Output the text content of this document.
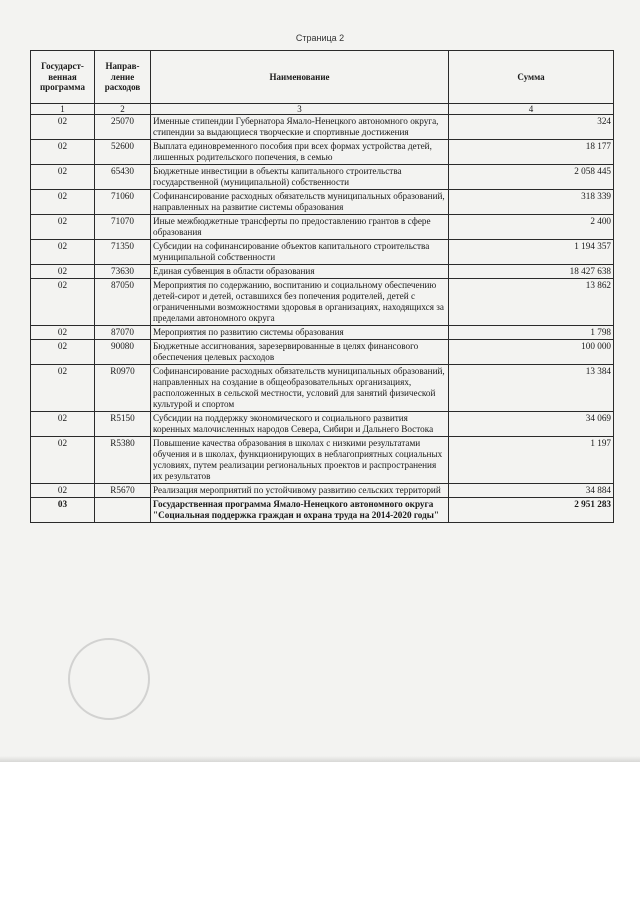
Страница 2
Государст-венная программа	Направ-ление расходов	Наименование	Сумма
1	2	3	4
02	25070	Именные стипендии Губернатора Ямало-Ненецкого автономного округа, стипендии за выдающиеся творческие и спортивные достижения	324
02	52600	Выплата единовременного пособия при всех формах устройства детей, лишенных родительского попечения, в семью	18 177
02	65430	Бюджетные инвестиции в объекты капитального строительства государственной (муниципальной) собственности	2 058 445
02	71060	Софинансирование расходных обязательств муниципальных образований, направленных на развитие системы образования	318 339
02	71070	Иные межбюджетные трансферты по предоставлению грантов в сфере образования	2 400
02	71350	Субсидии на софинансирование объектов капитального строительства муниципальной собственности	1 194 357
02	73630	Единая субвенция в области образования	18 427 638
02	87050	Мероприятия по содержанию, воспитанию и социальному обеспечению детей-сирот и детей, оставшихся без попечения родителей, детей с ограниченными возможностями здоровья в организациях, находящихся за пределами автономного округа	13 862
02	87070	Мероприятия по развитию системы образования	1 798
02	90080	Бюджетные ассигнования, зарезервированные в целях финансового обеспечения целевых расходов	100 000
02	R0970	Софинансирование расходных обязательств муниципальных образований, направленных на создание в общеобразовательных организациях, расположенных в сельской местности, условий для занятий физической культурой и спортом	13 384
02	R5150	Субсидии на поддержку экономического и социального развития коренных малочисленных народов Севера, Сибири и Дальнего Востока	34 069
02	R5380	Повышение качества образования в школах с низкими результатами обучения и в школах, функционирующих в неблагоприятных социальных условиях, путем реализации региональных проектов и распространения их результатов	1 197
02	R5670	Реализация мероприятий по устойчивому развитию сельских территорий	34 884
03		Государственная программа Ямало-Ненецкого автономного округа "Социальная поддержка граждан и охрана труда на 2014-2020 годы"	2 951 283
